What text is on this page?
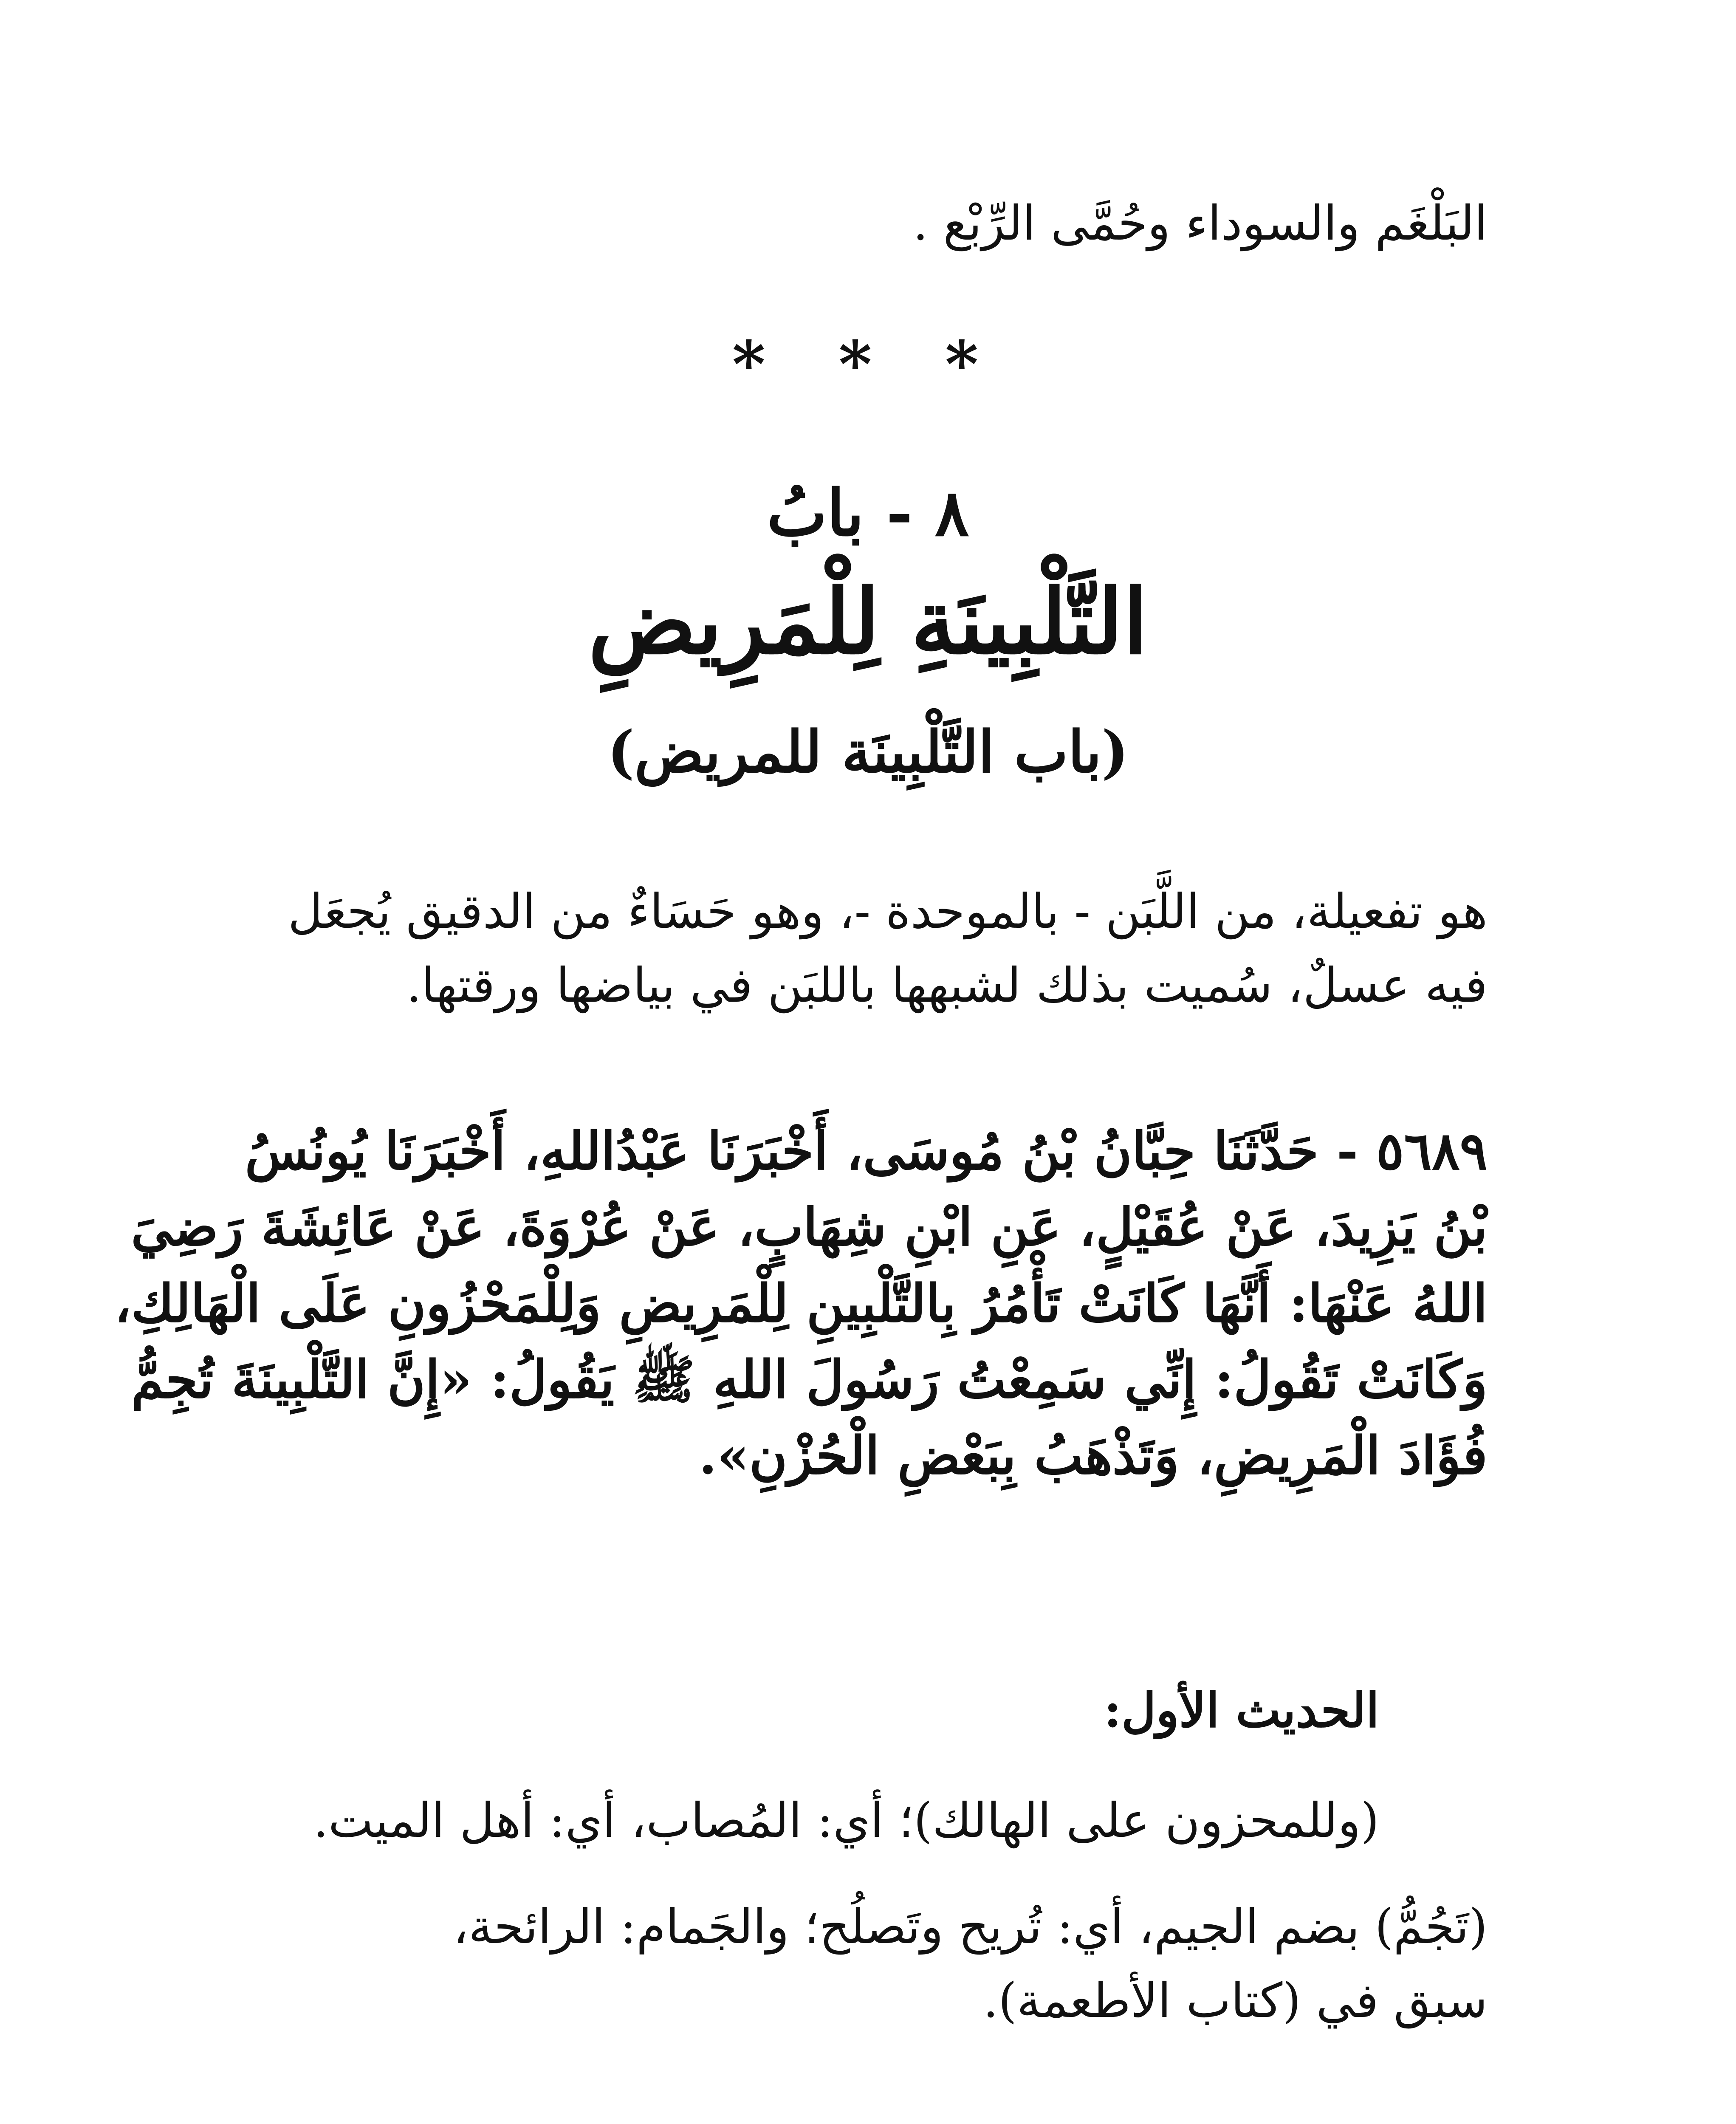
البَلْغَم والسوداء وحُمَّى الرِّبْع .
* * *
٨ - بابُ
التَّلْبِينَةِ لِلْمَرِيضِ
(باب التَّلْبِينَة للمريض)
هو تفعيلة، من اللَّبَن - بالموحدة -، وهو حَسَاءٌ من الدقيق يُجعَل
فيه عسلٌ، سُميت بذلك لشبهها باللبَن في بياضها ورقتها.
٥٦٨٩ - حَدَّثَنَا حِبَّانُ بْنُ مُوسَى، أَخْبَرَنَا عَبْدُاللهِ، أَخْبَرَنَا يُونُسُ
بْنُ يَزِيدَ، عَنْ عُقَيْلٍ، عَنِ ابْنِ شِهَابٍ، عَنْ عُرْوَةَ، عَنْ عَائِشَةَ رَضِيَ
اللهُ عَنْهَا: أَنَّهَا كَانَتْ تَأْمُرُ بِالتَّلْبِينِ لِلْمَرِيضِ وَلِلْمَحْزُونِ عَلَى الْهَالِكِ،
وَكَانَتْ تَقُولُ: إِنِّي سَمِعْتُ رَسُولَ اللهِ ﷺ يَقُولُ: «إِنَّ التَّلْبِينَةَ تُجِمُّ
فُؤَادَ الْمَرِيضِ، وَتَذْهَبُ بِبَعْضِ الْحُزْنِ».
الحديث الأول:
(وللمحزون على الهالك)؛ أي: المُصاب، أي: أهل الميت.
(تَجُمُّ) بضم الجيم، أي: تُريح وتَصلُح؛ والجَمام: الرائحة،
سبق في (كتاب الأطعمة).
